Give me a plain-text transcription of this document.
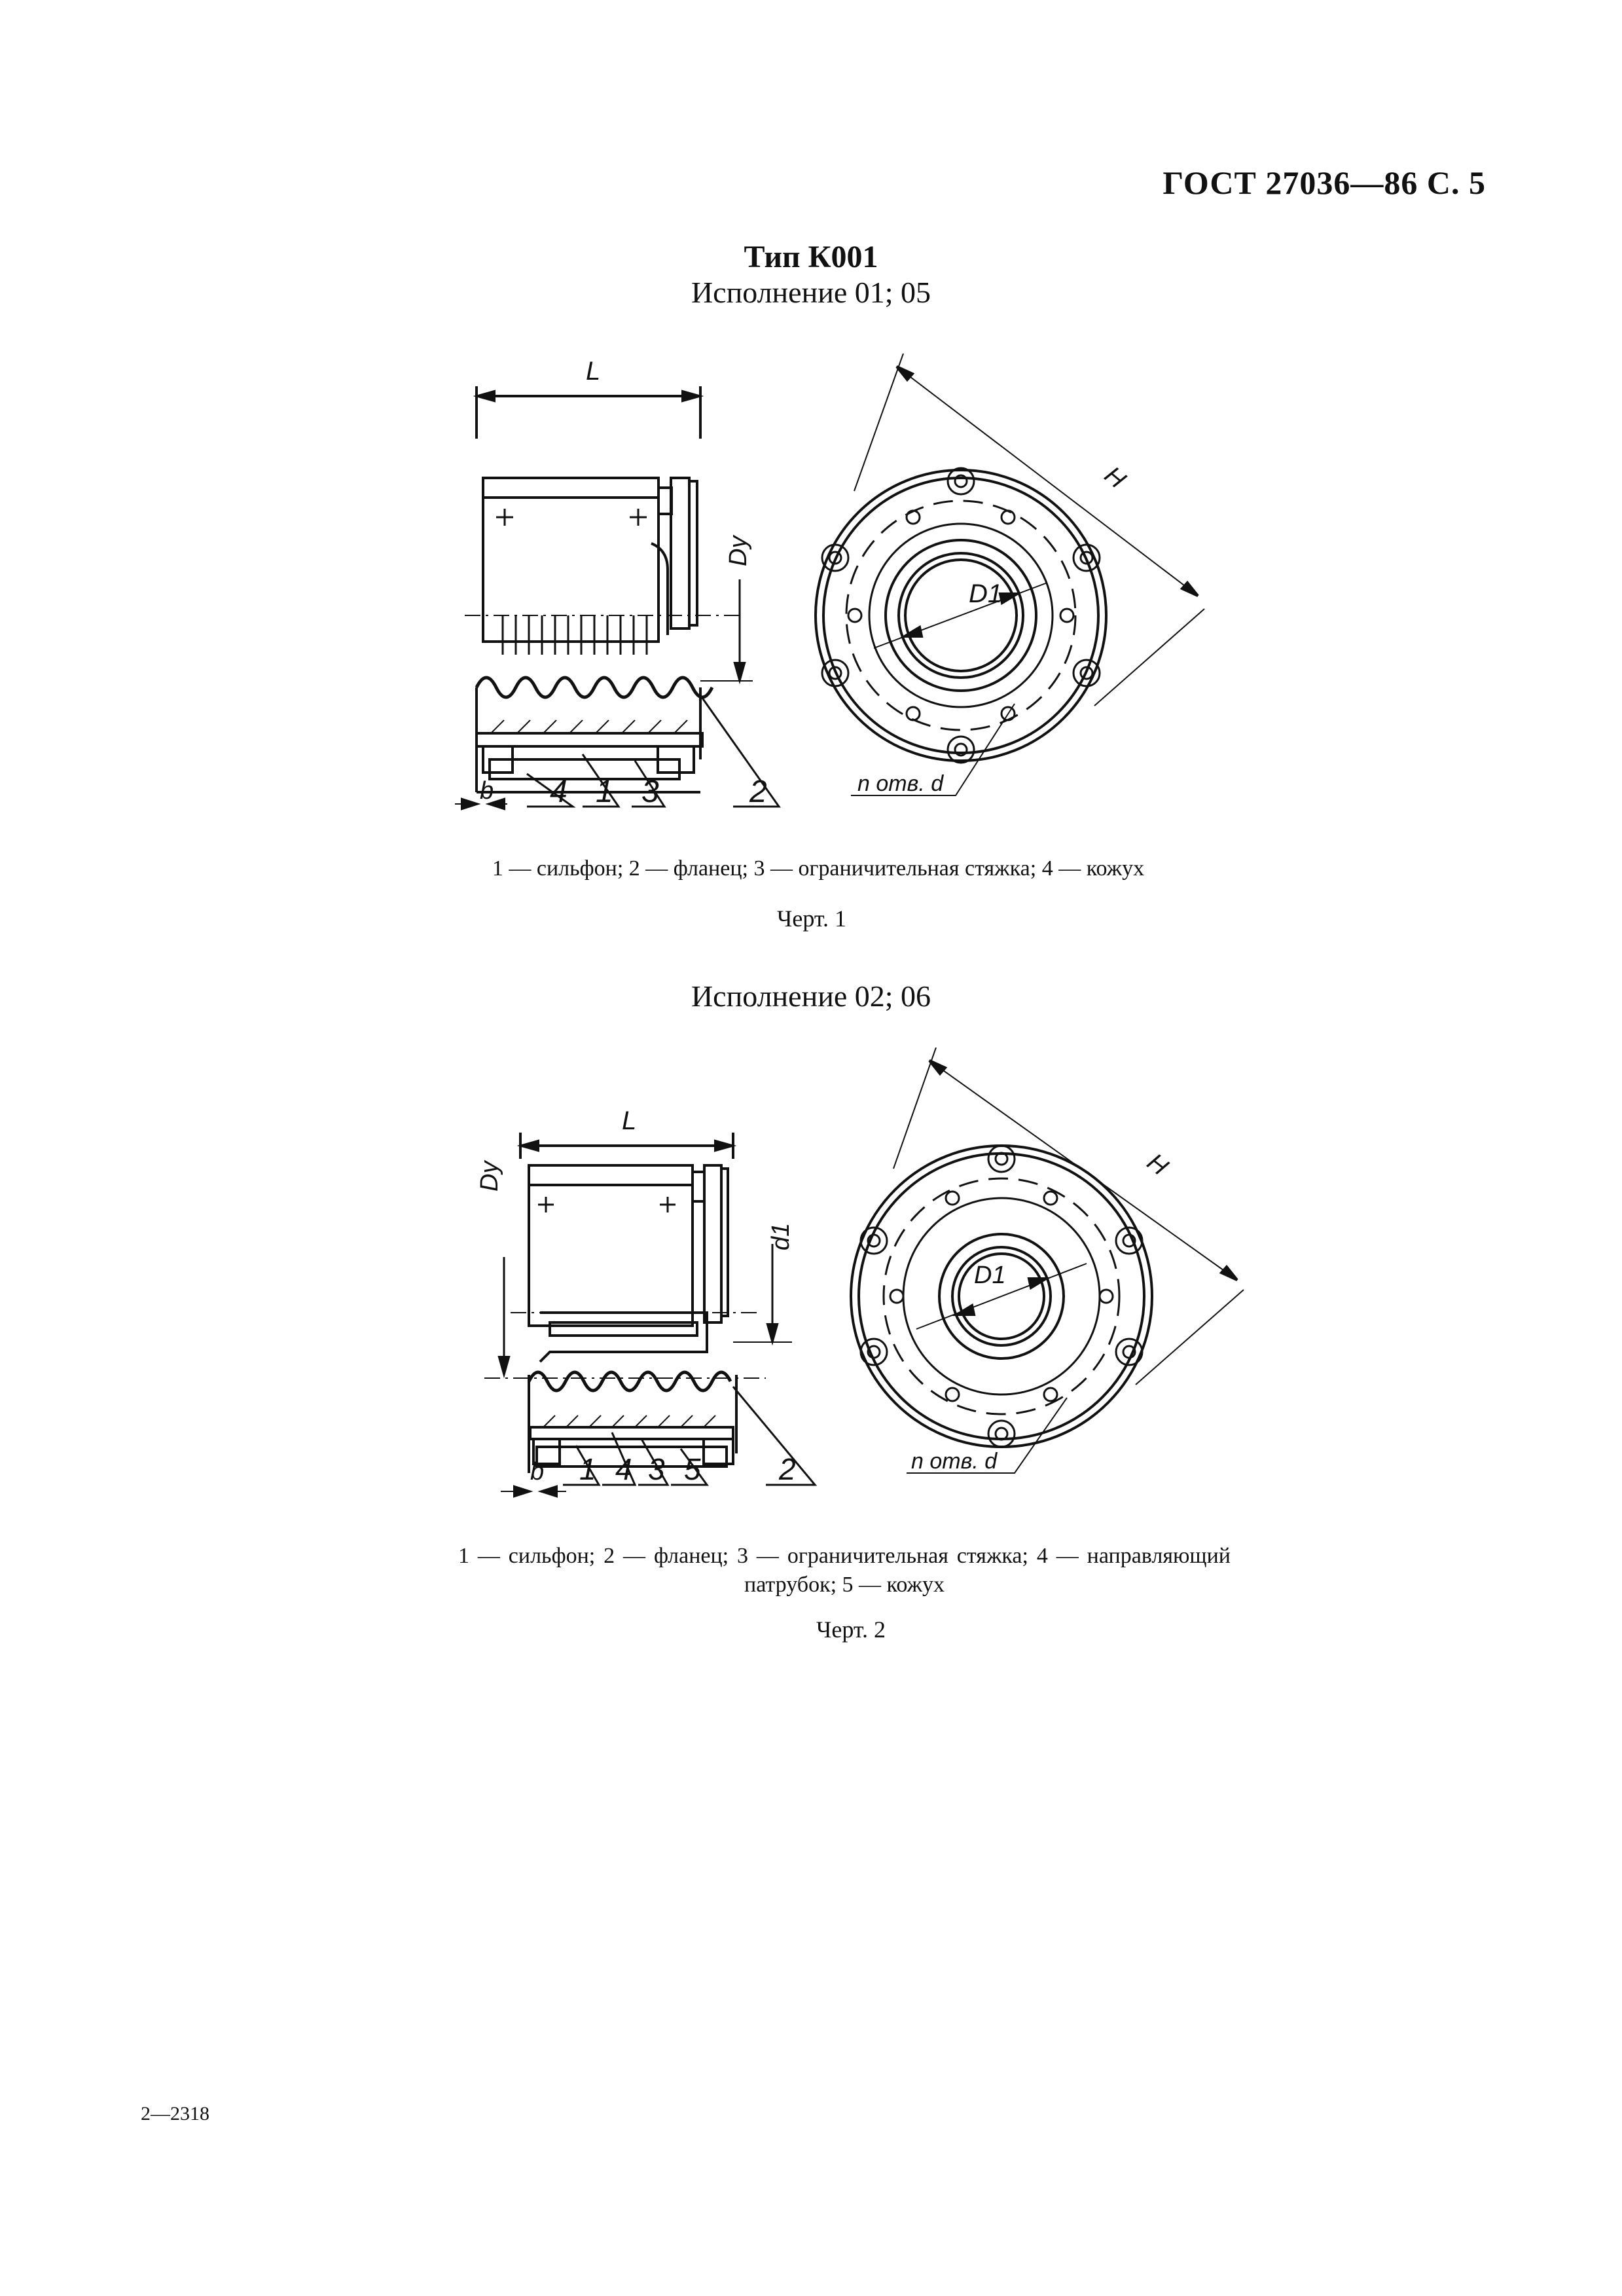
ГОСТ 27036—86 С. 5
Тип К001
Исполнение 01; 05
L
Dy
b 4 1 3	2
D1
H
n отв. d
1 — сильфон; 2 — фланец; 3 — ограничительная стяжка; 4 — кожух
Черт. 1
Исполнение 02; 06
L
Dy
d1
b 1 4 3 5	2
D1
H
n отв. d
1 — сильфон; 2 — фланец; 3 — ограничительная стяжка; 4 — направляющий патрубок; 5 — кожух
Черт. 2
2—2318
